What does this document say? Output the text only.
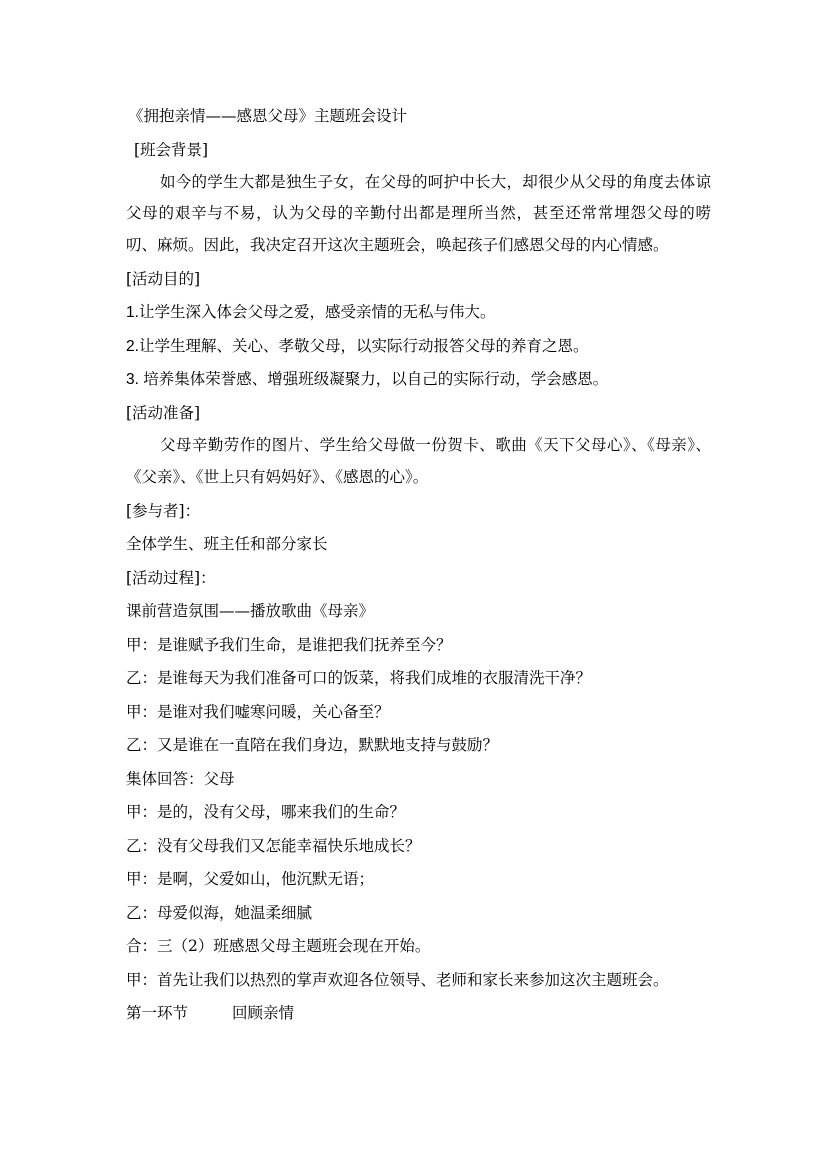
《拥抱亲情——感恩父母》主题班会设计
[班会背景]
如今的学生大都是独生子女，在父母的呵护中长大，却很少从父母的角度去体谅父母的艰辛与不易，认为父母的辛勤付出都是理所当然，甚至还常常埋怨父母的唠叨、麻烦。因此，我决定召开这次主题班会，唤起孩子们感恩父母的内心情感。
[活动目的]
1.让学生深入体会父母之爱，感受亲情的无私与伟大。
2.让学生理解、关心、孝敬父母，以实际行动报答父母的养育之恩。
3. 培养集体荣誉感、增强班级凝聚力，以自己的实际行动，学会感恩。
[活动准备]
父母辛勤劳作的图片、学生给父母做一份贺卡、歌曲《天下父母心》、《母亲》、《父亲》、《世上只有妈妈好》、《感恩的心》。
[参与者]：
全体学生、班主任和部分家长
[活动过程]：
课前营造氛围——播放歌曲《母亲》
甲：是谁赋予我们生命，是谁把我们抚养至今？
乙：是谁每天为我们准备可口的饭菜，将我们成堆的衣服清洗干净？
甲：是谁对我们嘘寒问暖，关心备至？
乙：又是谁在一直陪在我们身边，默默地支持与鼓励？
集体回答：父母
甲：是的，没有父母，哪来我们的生命？
乙：没有父母我们又怎能幸福快乐地成长？
甲：是啊，父爱如山，他沉默无语；
乙：母爱似海，她温柔细腻
合：三（2）班感恩父母主题班会现在开始。
甲：首先让我们以热烈的掌声欢迎各位领导、老师和家长来参加这次主题班会。
第一环节	回顾亲情
